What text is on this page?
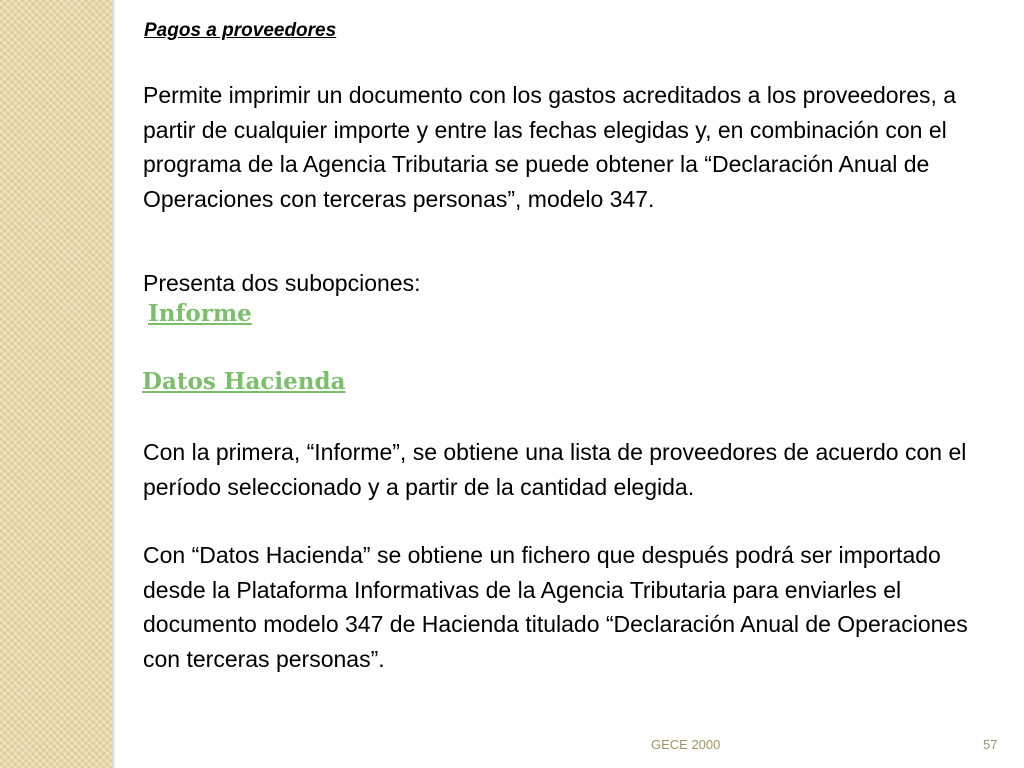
Pagos a proveedores

Permite imprimir un documento con los gastos acreditados a los proveedores, a partir de cualquier importe y entre las fechas elegidas y, en combinación con el programa de la Agencia Tributaria se puede obtener la “Declaración Anual de Operaciones con terceras personas”, modelo 347.

Presenta dos subopciones:

Informe
Datos Hacienda

Con la primera, “Informe”, se obtiene una lista de proveedores de acuerdo con el período seleccionado y a partir de la cantidad elegida.

Con “Datos Hacienda” se obtiene un fichero que después podrá ser importado desde la Plataforma Informativas de la Agencia Tributaria para enviarles el documento modelo 347 de Hacienda titulado “Declaración Anual de Operaciones con terceras personas”.

GECE 2000	57
